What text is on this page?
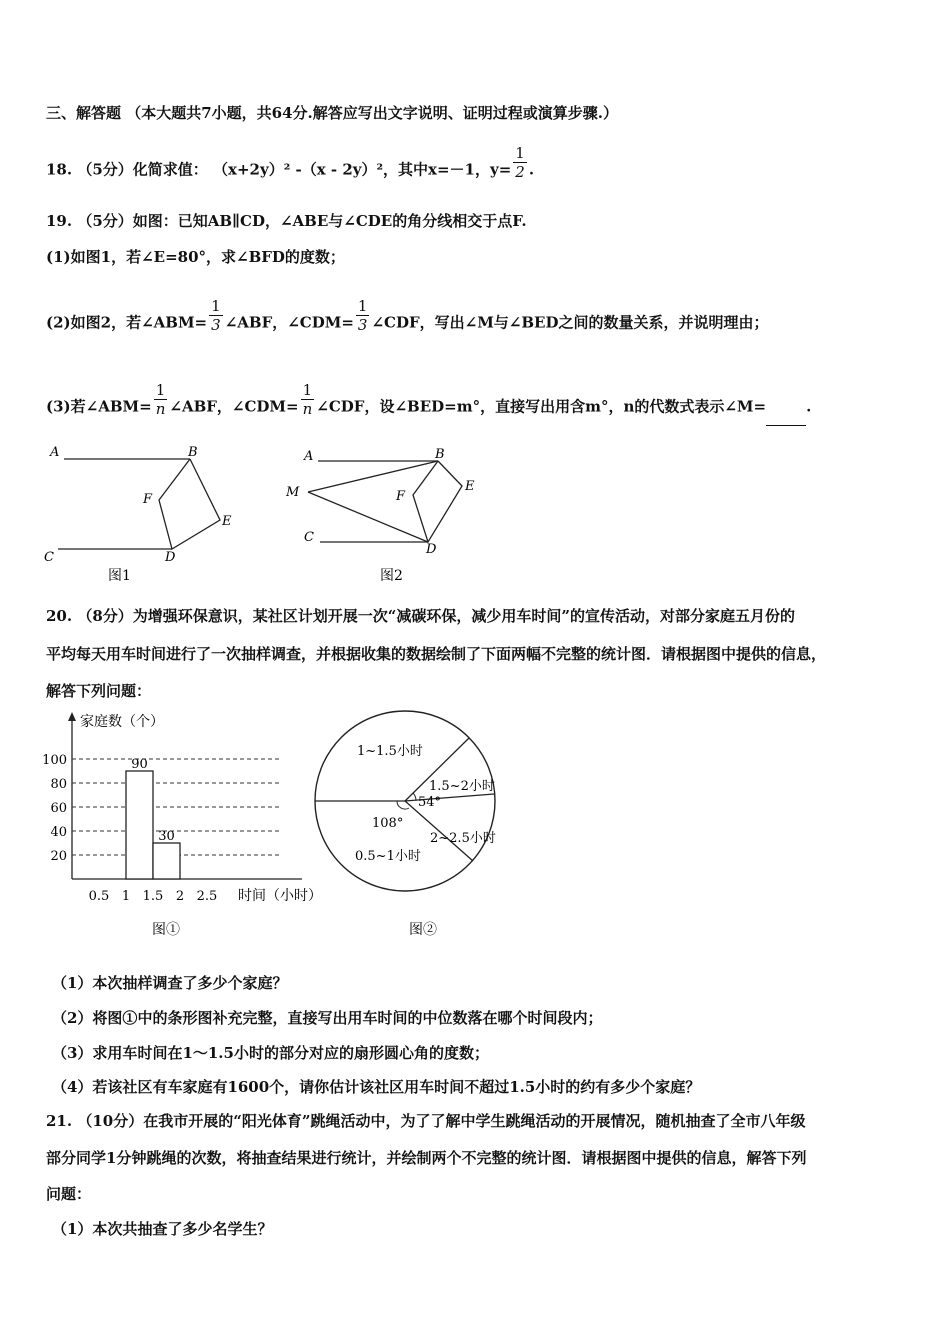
三、解答题 （本大题共7小题，共64分.解答应写出文字说明、证明过程或演算步骤.）
18. （5分）化简求值： （x+2y）² -（x - 2y）²，其中x=－1，$y= \frac{1}{2}$ .
19. （5分）如图：已知AB∥CD，∠ABE与∠CDE的角分线相交于点F.
(1)如图1，若∠E=80°，求∠BFD的度数；
(2)如图2，若∠ABM= $\frac{1}{3}$ ∠ABF，∠CDM= $\frac{1}{3}$ ∠CDF，写出∠M与∠BED之间的数量关系，并说明理由；
(3)若∠ABM= $\frac{1}{n}$ ∠ABF，∠CDM= $\frac{1}{n}$ ∠CDF，设∠BED=m°，直接写出用含m°，n的代数式表示∠M=	.
A	B
C	D
E
F
图1
A	B
C
D
E
F
M
图2
20. （8分）为增强环保意识，某社区计划开展一次“减碳环保，减少用车时间”的宣传活动，对部分家庭五月份的
平均每天用车时间进行了一次抽样调查，并根据收集的数据绘制了下面两幅不完整的统计图．请根据图中提供的信息，
解答下列问题：
90
30
20
40
60
80
100
0.5 1 1.5 2 2.5
家庭数（个）
时间（小时）
图①
1~1.5小时
1.5~2小时
54°
2~2.5小时
108°
0.5~1小时
图②
（1）本次抽样调查了多少个家庭？
（2）将图①中的条形图补充完整，直接写出用车时间的中位数落在哪个时间段内；
（3）求用车时间在1～1.5小时的部分对应的扇形圆心角的度数；
（4）若该社区有车家庭有1600个，请你估计该社区用车时间不超过1.5小时的约有多少个家庭？
21. （10分）在我市开展的“阳光体育”跳绳活动中，为了了解中学生跳绳活动的开展情况，随机抽查了全市八年级
部分同学1分钟跳绳的次数，将抽查结果进行统计，并绘制两个不完整的统计图．请根据图中提供的信息，解答下列
问题：
（1）本次共抽查了多少名学生？
